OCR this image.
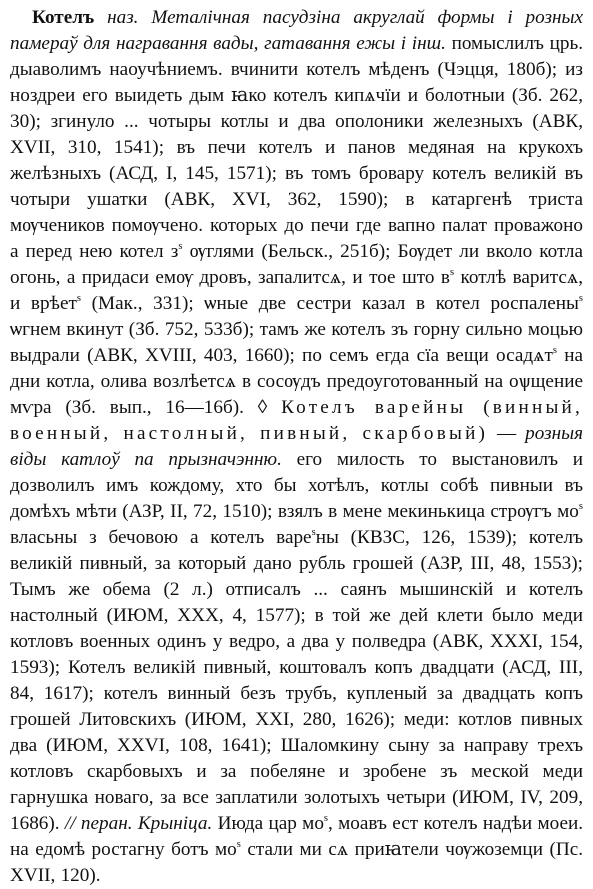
Котелъ наз. Металічная пасудзіна акруглай формы і розных памераў для награвання вады, гатавання ежы і інш. помыслилъ црь. дыаволимъ наоучѣниемъ. вчинити котелъ мѣденъ (Чэцця, 180б); из ноздреи его выидеть дым ꙗко котелъ кипѧчїи и болотныи (Зб. 262, 30); згинуло ... чотыры котлы и два ополоники железныхъ (АВК, XVII, 310, 1541); въ печи котелъ и панов медяная на крукохъ желѣзныхъ (АСД, І, 145, 1571); въ томъ бровару котелъ великій въ чотыри ушатки (АВК, XVI, 362, 1590); в катаргенѣ триста мѹчеников помѹчено. которых до печи где вапно палат проважоно а перед нею котел $з^s$ ѹглями (Бельск., 251б); Бѹдет ли вколо котла огонь, а придаси емѹ дровъ, запалитсѧ, и тое што $в^s$ котлѣ варитсѧ, и врѣет$^s$ (Мак., 331); ѡные две сестри казал в котел роспалены$^s$ ѡгнем вкинут (Зб. 752, 533б); тамъ же котелъ зъ горну сильно моцью выдрали (АВК, XVIII, 403, 1660); по семъ егда сїа вещи осадѧт$^s$ на дни котла, олива возлѣетсѧ в сосѹдъ предоуготованный на оѱщение мѵра (Зб. вып., 16—16б). ◊ Котелъ варейны (винный, военный, настолный, пивный, скарбовый) — розныя віды катлоў па прызначэнню. его милость то выстановилъ и дозволилъ имъ кождому, хто бы хотѣлъ, котлы собѣ пивныи въ домѣхъ мѣти (АЗР, II, 72, 1510); взялъ в мене мекинькица стрѹгъ $мо^s$ власьны з бечовою а котелъ варе$^s$ны (КВЗС, 126, 1539); котелъ великій пивный, за который дано рубль грошей (АЗР, III, 48, 1553); Тымъ же обема (2 л.) отписалъ ... саянъ мышинскій и котелъ настолный (ИЮМ, XXX, 4, 1577); в той же дей клети было меди котловъ военных одинъ у ведро, а два у полведра (АВК, XXXI, 154, 1593); Котелъ великій пивный, коштовалъ копъ двадцати (АСД, III, 84, 1617); котелъ винный безъ трубъ, купленый за двадцать копъ грошей Литовскихъ (ИЮМ, XXI, 280, 1626); меди: котлов пивных два (ИЮМ, XXVI, 108, 1641); Шаломкину сыну за направу трехъ котловъ скарбовыхъ и за побеляне и зробене зъ меской меди гарнушка новаго, за все заплатили золотыхъ четыри (ИЮМ, IV, 209, 1686). // перан. Крыніца. Июда цар $мо^s$, моавъ ест котелъ надѣи моеи. на едомѣ ростагну ботъ $мо^s$ стали ми сѧ приꙗтели чѹжоземци (Пс. XVII, 120).
